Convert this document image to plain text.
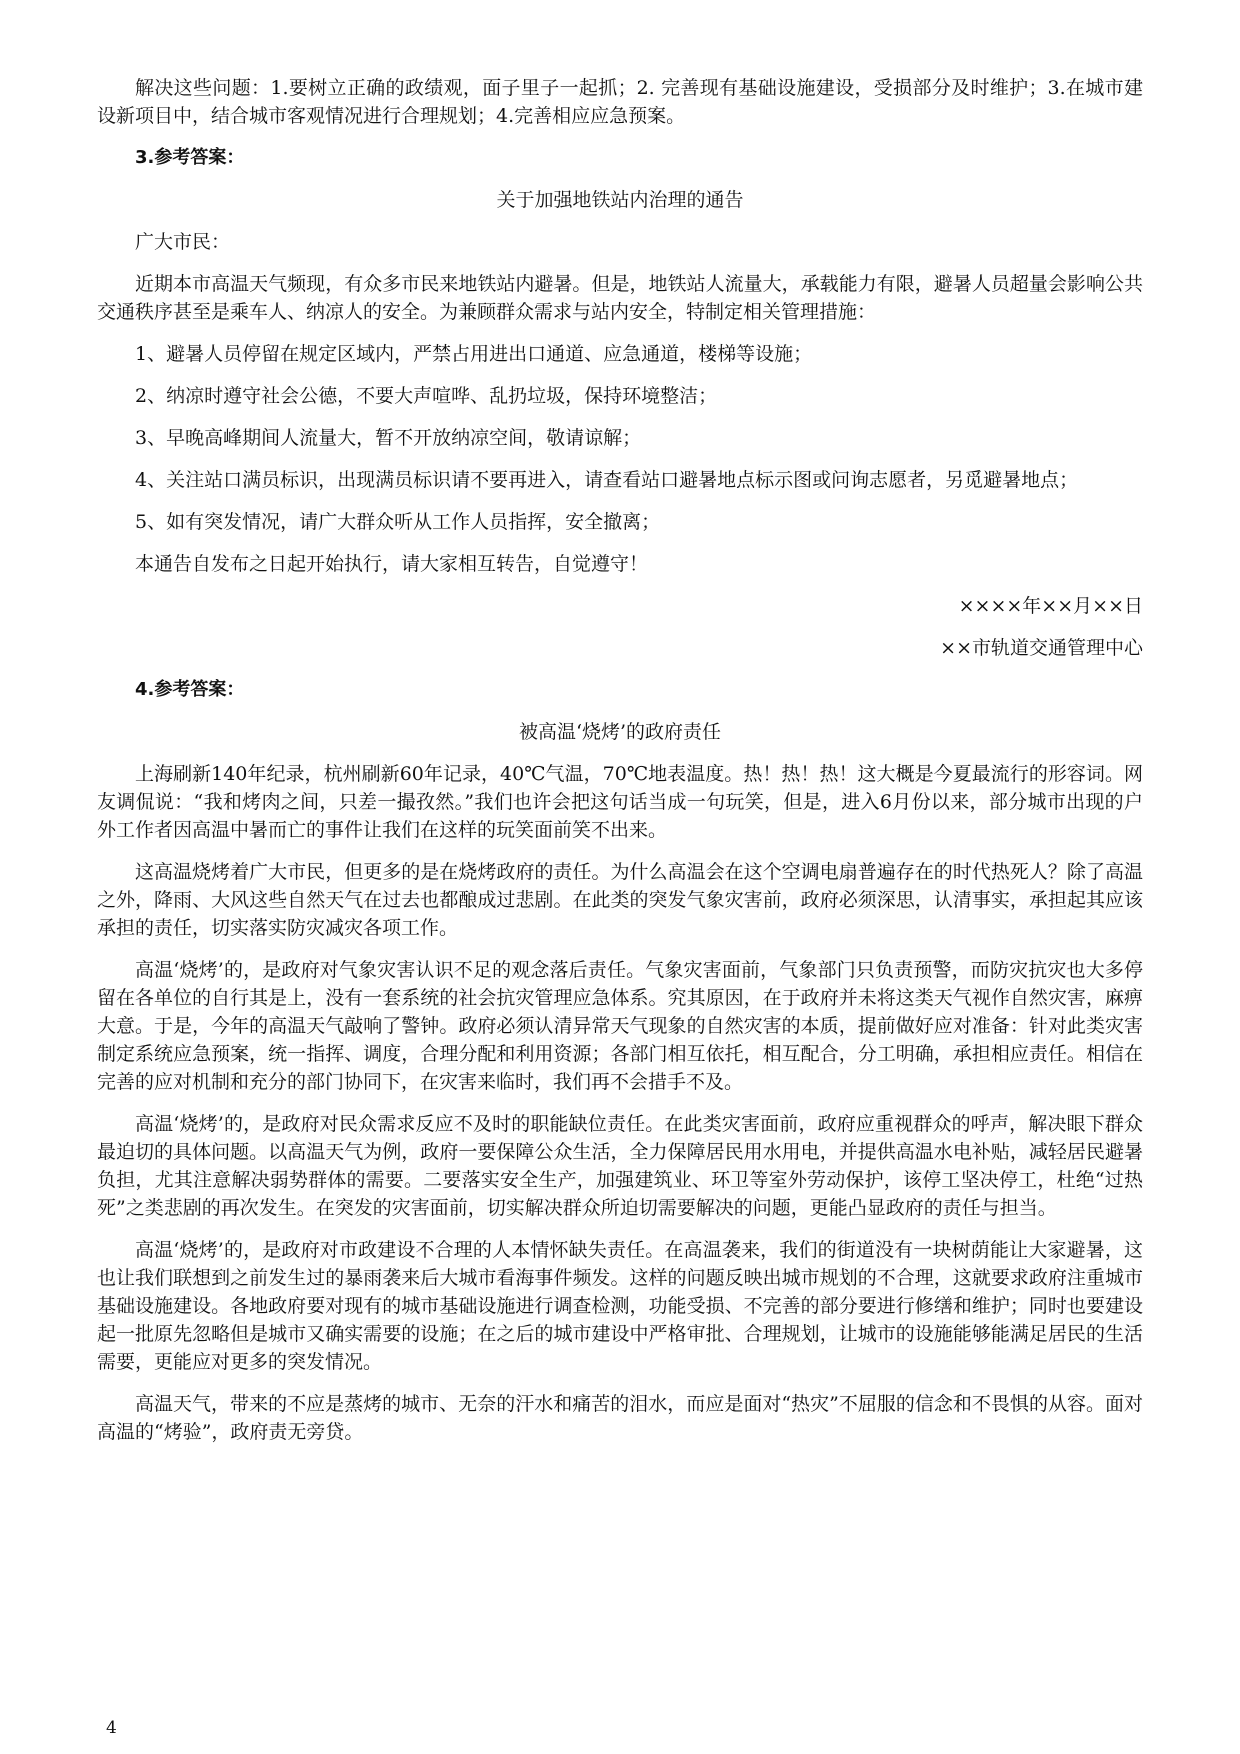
解决这些问题：1.要树立正确的政绩观，面子里子一起抓；2. 完善现有基础设施建设，受损部分及时维护；3.在城市建设新项目中，结合城市客观情况进行合理规划；4.完善相应应急预案。

3.参考答案：

关于加强地铁站内治理的通告

广大市民：

近期本市高温天气频现，有众多市民来地铁站内避暑。但是，地铁站人流量大，承载能力有限，避暑人员超量会影响公共交通秩序甚至是乘车人、纳凉人的安全。为兼顾群众需求与站内安全，特制定相关管理措施：

1、避暑人员停留在规定区域内，严禁占用进出口通道、应急通道，楼梯等设施；

2、纳凉时遵守社会公德，不要大声喧哗、乱扔垃圾，保持环境整洁；

3、早晚高峰期间人流量大，暂不开放纳凉空间，敬请谅解；

4、关注站口满员标识，出现满员标识请不要再进入，请查看站口避暑地点标示图或问询志愿者，另觅避暑地点；

5、如有突发情况，请广大群众听从工作人员指挥，安全撤离；

本通告自发布之日起开始执行，请大家相互转告，自觉遵守！

××××年××月××日

××市轨道交通管理中心

4.参考答案：

被高温‘烧烤’的政府责任

上海刷新140年纪录，杭州刷新60年记录，40℃气温，70℃地表温度。热！热！热！这大概是今夏最流行的形容词。网友调侃说：“我和烤肉之间，只差一撮孜然。”我们也许会把这句话当成一句玩笑，但是，进入6月份以来，部分城市出现的户外工作者因高温中暑而亡的事件让我们在这样的玩笑面前笑不出来。

这高温烧烤着广大市民，但更多的是在烧烤政府的责任。为什么高温会在这个空调电扇普遍存在的时代热死人？除了高温之外，降雨、大风这些自然天气在过去也都酿成过悲剧。在此类的突发气象灾害前，政府必须深思，认清事实，承担起其应该承担的责任，切实落实防灾减灾各项工作。

高温‘烧烤’的，是政府对气象灾害认识不足的观念落后责任。气象灾害面前，气象部门只负责预警，而防灾抗灾也大多停留在各单位的自行其是上，没有一套系统的社会抗灾管理应急体系。究其原因，在于政府并未将这类天气视作自然灾害，麻痹大意。于是，今年的高温天气敲响了警钟。政府必须认清异常天气现象的自然灾害的本质，提前做好应对准备：针对此类灾害制定系统应急预案，统一指挥、调度，合理分配和利用资源；各部门相互依托，相互配合，分工明确，承担相应责任。相信在完善的应对机制和充分的部门协同下，在灾害来临时，我们再不会措手不及。

高温‘烧烤’的，是政府对民众需求反应不及时的职能缺位责任。在此类灾害面前，政府应重视群众的呼声，解决眼下群众最迫切的具体问题。以高温天气为例，政府一要保障公众生活，全力保障居民用水用电，并提供高温水电补贴，减轻居民避暑负担，尤其注意解决弱势群体的需要。二要落实安全生产，加强建筑业、环卫等室外劳动保护，该停工坚决停工，杜绝“过热死”之类悲剧的再次发生。在突发的灾害面前，切实解决群众所迫切需要解决的问题，更能凸显政府的责任与担当。

高温‘烧烤’的，是政府对市政建设不合理的人本情怀缺失责任。在高温袭来，我们的街道没有一块树荫能让大家避暑，这也让我们联想到之前发生过的暴雨袭来后大城市看海事件频发。这样的问题反映出城市规划的不合理，这就要求政府注重城市基础设施建设。各地政府要对现有的城市基础设施进行调查检测，功能受损、不完善的部分要进行修缮和维护；同时也要建设起一批原先忽略但是城市又确实需要的设施；在之后的城市建设中严格审批、合理规划，让城市的设施能够能满足居民的生活需要，更能应对更多的突发情况。

高温天气，带来的不应是蒸烤的城市、无奈的汗水和痛苦的泪水，而应是面对“热灾”不屈服的信念和不畏惧的从容。面对高温的“烤验”，政府责无旁贷。

4
